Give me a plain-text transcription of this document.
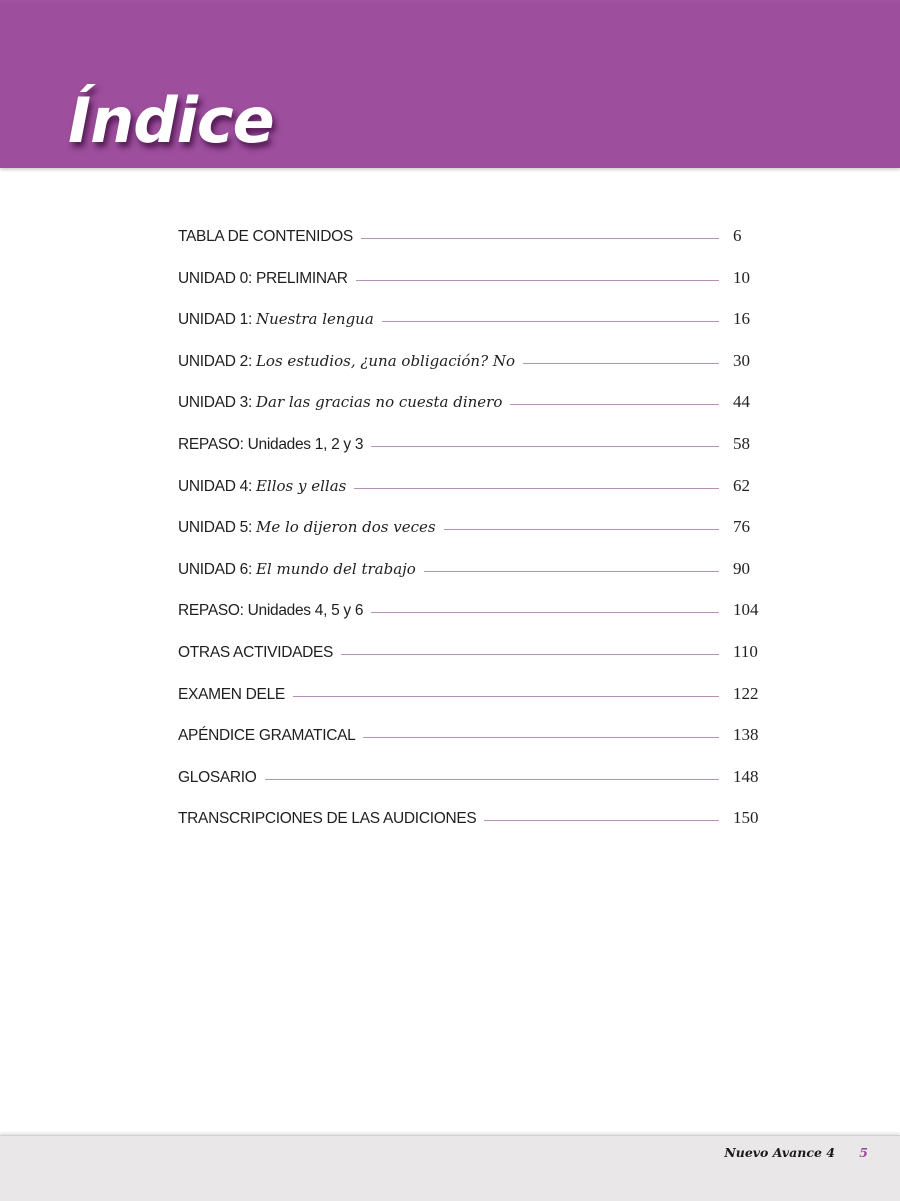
Índice
TABLA DE CONTENIDOS	6
UNIDAD 0: PRELIMINAR	10
UNIDAD 1: Nuestra lengua	16
UNIDAD 2: Los estudios, ¿una obligación? No	30
UNIDAD 3: Dar las gracias no cuesta dinero	44
REPASO: Unidades 1, 2 y 3	58
UNIDAD 4: Ellos y ellas	62
UNIDAD 5: Me lo dijeron dos veces	76
UNIDAD 6: El mundo del trabajo	90
REPASO: Unidades 4, 5 y 6	104
OTRAS ACTIVIDADES	110
EXAMEN DELE	122
APÉNDICE GRAMATICAL	138
GLOSARIO	148
TRANSCRIPCIONES DE LAS AUDICIONES	150
Nuevo Avance 4 5
